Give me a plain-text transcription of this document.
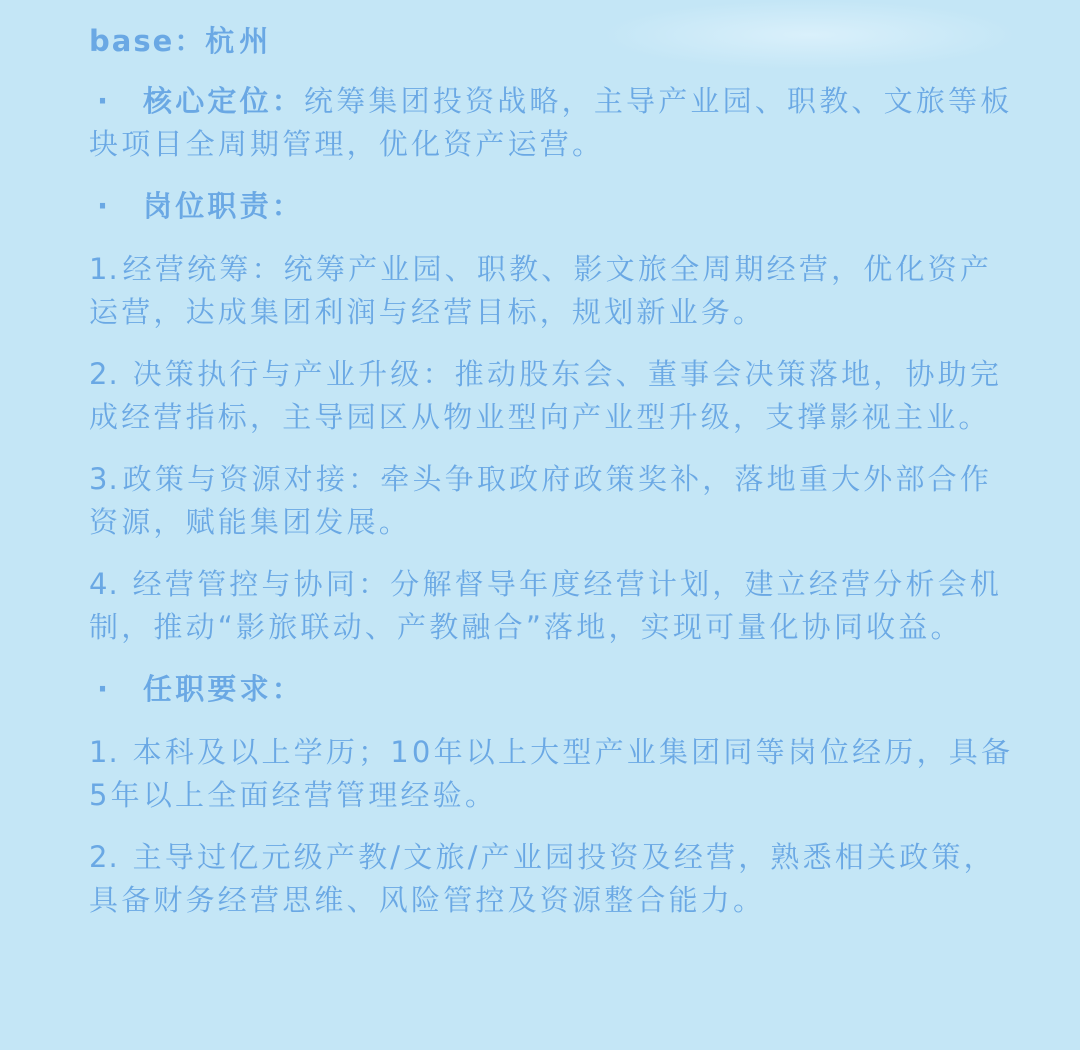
base：杭州
· 核心定位：统筹集团投资战略，主导产业园、职教、文旅等板块项目全周期管理，优化资产运营。
· 岗位职责：
1. 经营统筹：统筹产业园、职教、影文旅全周期经营，优化资产运营，达成集团利润与经营目标，规划新业务。
2. 决策执行与产业升级：推动股东会、董事会决策落地，协助完成经营指标，主导园区从物业型向产业型升级，支撑影视主业。
3. 政策与资源对接：牵头争取政府政策奖补，落地重大外部合作资源，赋能集团发展。
4. 经营管控与协同：分解督导年度经营计划，建立经营分析会机制，推动“影旅联动、产教融合”落地，实现可量化协同收益。
· 任职要求：
1. 本科及以上学历；10年以上大型产业集团同等岗位经历，具备5年以上全面经营管理经验。
2. 主导过亿元级产教/文旅/产业园投资及经营，熟悉相关政策，具备财务经营思维、风险管控及资源整合能力。
